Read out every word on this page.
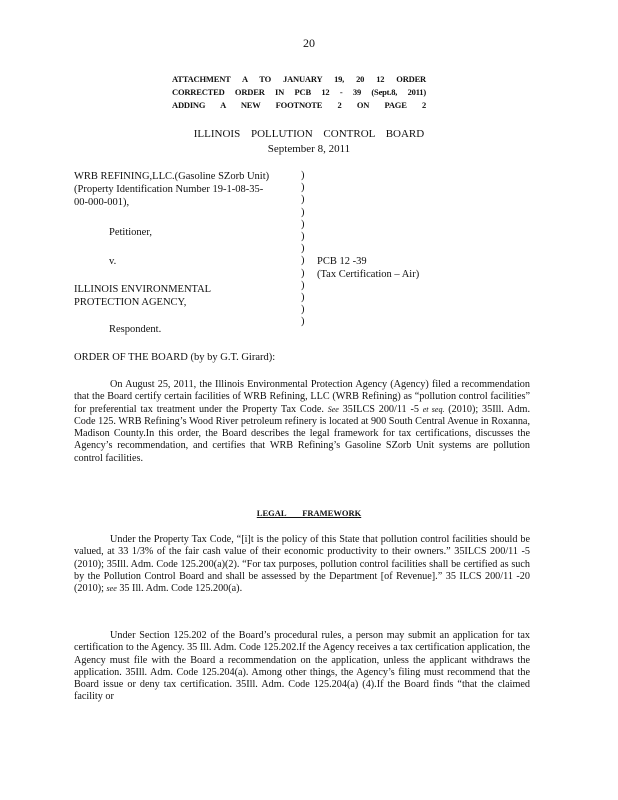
20
ATTACHMENT A TO JANUARY 19, 20 12 ORDER
CORRECTED ORDER IN PCB 12 - 39 (Sept.8, 2011)
ADDING A NEW FOOTNOTE 2 ON PAGE 2
ILLINOIS POLLUTION CONTROL BOARD
September 8, 2011
WRB REFINING,LLC.(Gasoline SZorb Unit)
(Property Identification Number 19-1-08-35-
00-000-001),
Petitioner,
v.	PCB 12 -39
(Tax Certification – Air)
ILLINOIS ENVIRONMENTAL
PROTECTION AGENCY,
Respondent.
)
)
)
)
)
)
)
)
)
)
)
)
)
ORDER OF THE BOARD (by by G.T. Girard):

On August 25, 2011, the Illinois Environmental Protection Agency (Agency) filed a recommendation that the Board certify certain facilities of WRB Refining, LLC (WRB Refining) as “pollution control facilities” for preferential tax treatment under the Property Tax Code. See 35ILCS 200/11 -5 et seq. (2010); 35Ill. Adm. Code 125. WRB Refining’s Wood River petroleum refinery is located at 900 South Central Avenue in Roxanna, Madison County.In this order, the Board describes the legal framework for tax certifications, discusses the Agency’s recommendation, and certifies that WRB Refining’s Gasoline SZorb Unit systems are pollution control facilities.

LEGAL FRAMEWORK

Under the Property Tax Code, “[i]t is the policy of this State that pollution control facilities should be valued, at 33 1/3% of the fair cash value of their economic productivity to their owners.” 35ILCS 200/11 -5 (2010); 35Ill. Adm. Code 125.200(a)(2). “For tax purposes, pollution control facilities shall be certified as such by the Pollution Control Board and shall be assessed by the Department [of Revenue].” 35 ILCS 200/11 -20 (2010); see 35 Ill. Adm. Code 125.200(a).

Under Section 125.202 of the Board’s procedural rules, a person may submit an application for tax certification to the Agency. 35 Ill. Adm. Code 125.202.If the Agency receives a tax certification application, the Agency must file with the Board a recommendation on the application, unless the applicant withdraws the application. 35Ill. Adm. Code 125.204(a). Among other things, the Agency’s filing must recommend that the Board issue or deny tax certification. 35Ill. Adm. Code 125.204(a) (4).If the Board finds “that the claimed facility or
